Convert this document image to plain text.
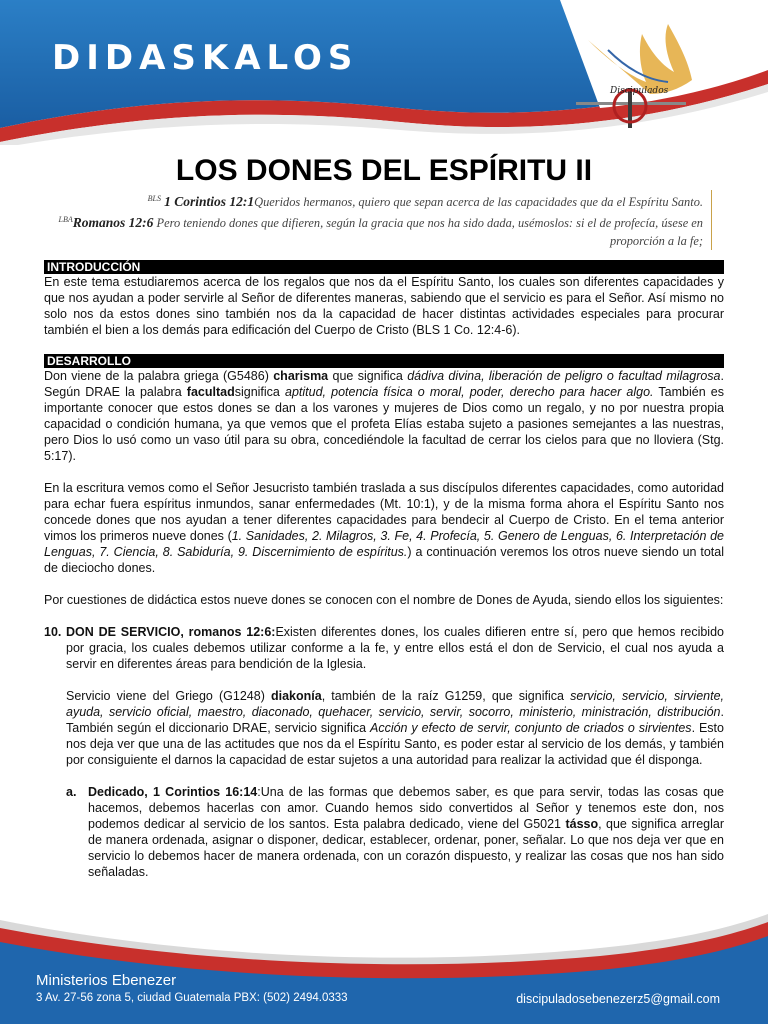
DIDASKALOS
Discipulados
LOS DONES DEL ESPÍRITU II
$^{BLS}$ 1 Corintios 12:1Queridos hermanos, quiero que sepan acerca de las capacidades que da el Espíritu Santo.
$^{LBA}$Romanos 12:6 Pero teniendo dones que difieren, según la gracia que nos ha sido dada, usémoslos: si el de profecía, úsese en proporción a la fe;
INTRODUCCIÓN

En este tema estudiaremos acerca de los regalos que nos da el Espíritu Santo, los cuales son diferentes capacidades y que nos ayudan a poder servirle al Señor de diferentes maneras, sabiendo que el servicio es para el Señor. Así mismo no solo nos da estos dones sino también nos da la capacidad de hacer distintas actividades especiales para procurar también el bien a los demás para edificación del Cuerpo de Cristo (BLS 1 Co. 12:4-6).

DESARROLLO

Don viene de la palabra griega (G5486) charisma que significa dádiva divina, liberación de peligro o facultad milagrosa. Según DRAE la palabra facultadsignifica aptitud, potencia física o moral, poder, derecho para hacer algo. También es importante conocer que estos dones se dan a los varones y mujeres de Dios como un regalo, y no por nuestra propia capacidad o condición humana, ya que vemos que el profeta Elías estaba sujeto a pasiones semejantes a las nuestras, pero Dios lo usó como un vaso útil para su obra, concediéndole la facultad de cerrar los cielos para que no lloviera (Stg. 5:17).

En la escritura vemos como el Señor Jesucristo también traslada a sus discípulos diferentes capacidades, como autoridad para echar fuera espíritus inmundos, sanar enfermedades (Mt. 10:1), y de la misma forma ahora el Espíritu Santo nos concede dones que nos ayudan a tener diferentes capacidades para bendecir al Cuerpo de Cristo. En el tema anterior vimos los primeros nueve dones (1. Sanidades, 2. Milagros, 3. Fe, 4. Profecía, 5. Genero de Lenguas, 6. Interpretación de Lenguas, 7. Ciencia, 8. Sabiduría, 9. Discernimiento de espíritus.) a continuación veremos los otros nueve siendo un total de dieciocho dones.

Por cuestiones de didáctica estos nueve dones se conocen con el nombre de Dones de Ayuda, siendo ellos los siguientes:

10. DON DE SERVICIO, romanos 12:6:Existen diferentes dones, los cuales difieren entre sí, pero que hemos recibido por gracia, los cuales debemos utilizar conforme a la fe, y entre ellos está el don de Servicio, el cual nos ayuda a servir en diferentes áreas para bendición de la Iglesia.

Servicio viene del Griego (G1248) diakonía, también de la raíz G1259, que significa servicio, servicio, sirviente, ayuda, servicio oficial, maestro, diaconado, quehacer, servicio, servir, socorro, ministerio, ministración, distribución. También según el diccionario DRAE, servicio significa Acción y efecto de servir, conjunto de criados o sirvientes. Esto nos deja ver que una de las actitudes que nos da el Espíritu Santo, es poder estar al servicio de los demás, y también por consiguiente el darnos la capacidad de estar sujetos a una autoridad para realizar la actividad que él disponga.

a. Dedicado, 1 Corintios 16:14:Una de las formas que debemos saber, es que para servir, todas las cosas que hacemos, debemos hacerlas con amor. Cuando hemos sido convertidos al Señor y tenemos este don, nos podemos dedicar al servicio de los santos. Esta palabra dedicado, viene del G5021 tásso, que significa arreglar de manera ordenada, asignar o disponer, dedicar, establecer, ordenar, poner, señalar. Lo que nos deja ver que en servicio lo debemos hacer de manera ordenada, con un corazón dispuesto, y realizar las cosas que nos han sido señaladas.

Ministerios Ebenezer
3 Av. 27-56 zona 5, ciudad Guatemala PBX: (502) 2494.0333	discipuladosebenezerz5@gmail.com
